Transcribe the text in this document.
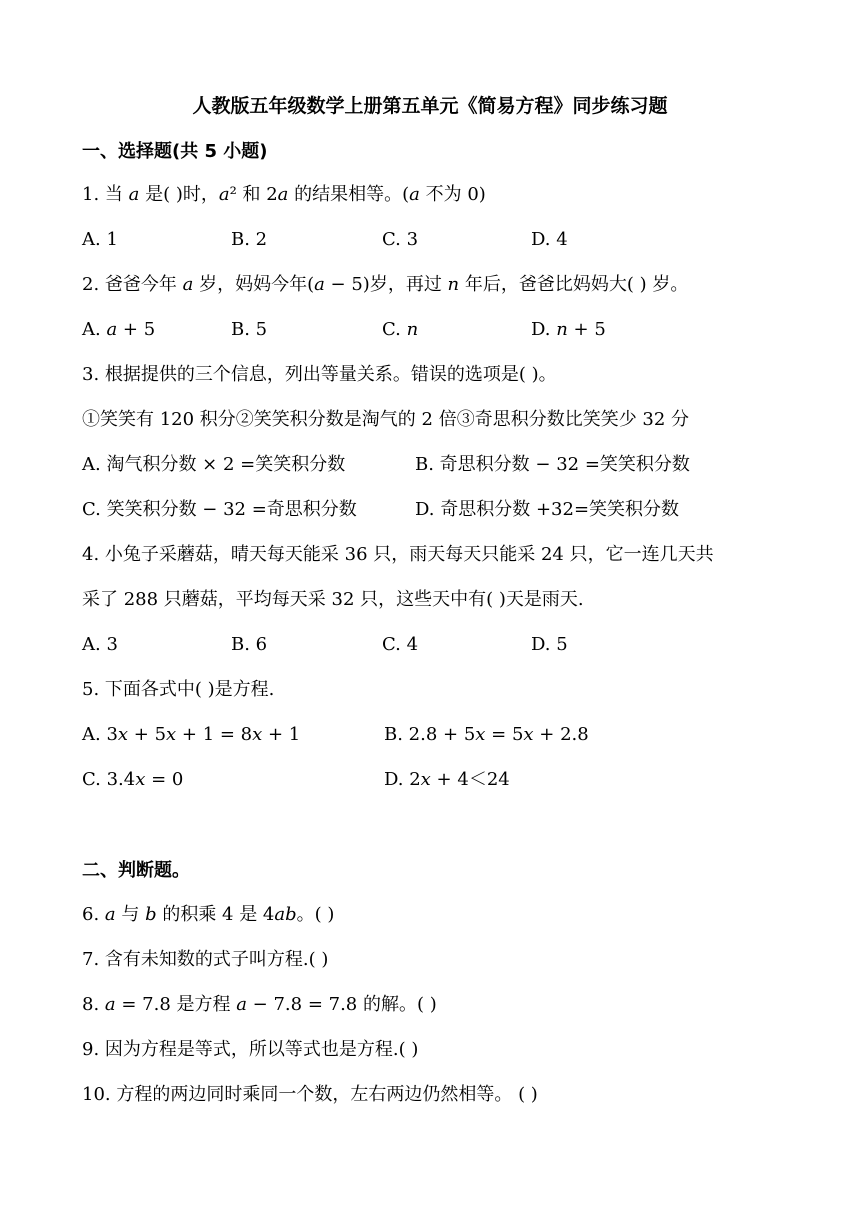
人教版五年级数学上册第五单元《简易方程》同步练习题
一、选择题(共 5 小题)
1. 当 𝑎 是( )时，𝑎² 和 2𝑎 的结果相等。(𝑎 不为 0)
A. 1	B. 2	C. 3	D. 4
2. 爸爸今年 𝑎 岁，妈妈今年(𝑎 − 5)岁，再过 𝑛 年后，爸爸比妈妈大( ) 岁。
A. 𝑎 + 5	B. 5	C. 𝑛	D. 𝑛 + 5
3. 根据提供的三个信息，列出等量关系。错误的选项是( )。
①笑笑有 120 积分②笑笑积分数是淘气的 2 倍③奇思积分数比笑笑少 32 分
A. 淘气积分数 × 2 =笑笑积分数	B. 奇思积分数 − 32 =笑笑积分数
C. 笑笑积分数 − 32 =奇思积分数	D. 奇思积分数 +32=笑笑积分数
4. 小兔子采蘑菇，晴天每天能采 36 只，雨天每天只能采 24 只，它一连几天共
采了 288 只蘑菇，平均每天采 32 只，这些天中有( )天是雨天.
A. 3	B. 6	C. 4	D. 5
5. 下面各式中( )是方程.
A. 3𝑥 + 5𝑥 + 1 = 8𝑥 + 1	B. 2.8 + 5𝑥 = 5𝑥 + 2.8
C. 3.4𝑥 = 0	D. 2𝑥 + 4＜24
二、判断题。
6. 𝑎 与 𝑏 的积乘 4 是 4𝑎𝑏。( )
7. 含有未知数的式子叫方程.( )
8. 𝑎 = 7.8 是方程 𝑎 − 7.8 = 7.8 的解。( )
9. 因为方程是等式，所以等式也是方程.( )
10. 方程的两边同时乘同一个数，左右两边仍然相等。 ( )
